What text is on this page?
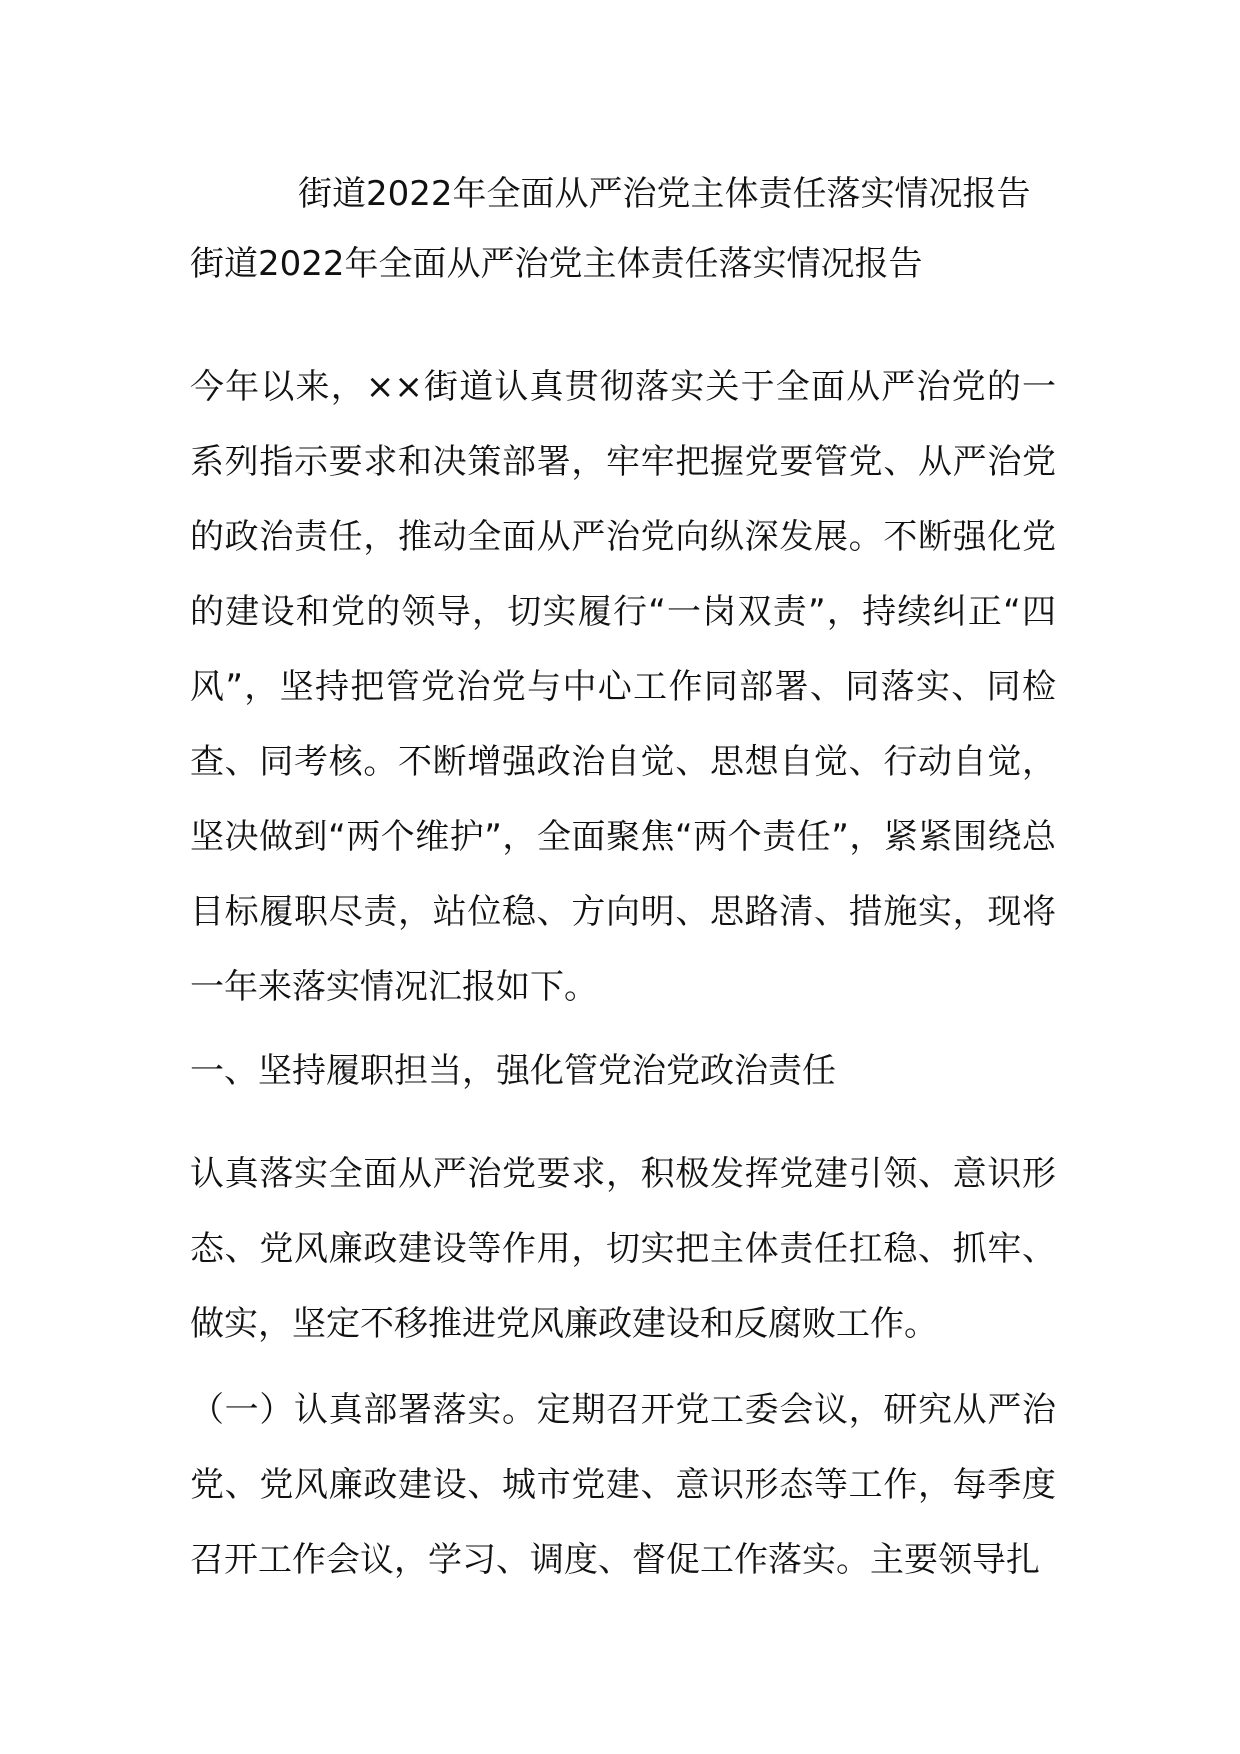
街道2022年全面从严治党主体责任落实情况报告

街道2022年全面从严治党主体责任落实情况报告

今年以来，××街道认真贯彻落实关于全面从严治党的一系列指示要求和决策部署，牢牢把握党要管党、从严治党的政治责任，推动全面从严治党向纵深发展。不断强化党的建设和党的领导，切实履行“一岗双责”，持续纠正“四风”，坚持把管党治党与中心工作同部署、同落实、同检查、同考核。不断增强政治自觉、思想自觉、行动自觉，坚决做到“两个维护”，全面聚焦“两个责任”，紧紧围绕总目标履职尽责，站位稳、方向明、思路清、措施实，现将一年来落实情况汇报如下。

一、坚持履职担当，强化管党治党政治责任

认真落实全面从严治党要求，积极发挥党建引领、意识形态、党风廉政建设等作用，切实把主体责任扛稳、抓牢、做实，坚定不移推进党风廉政建设和反腐败工作。

（一）认真部署落实。定期召开党工委会议，研究从严治党、党风廉政建设、城市党建、意识形态等工作，每季度召开工作会议，学习、调度、督促工作落实。主要领导扎
